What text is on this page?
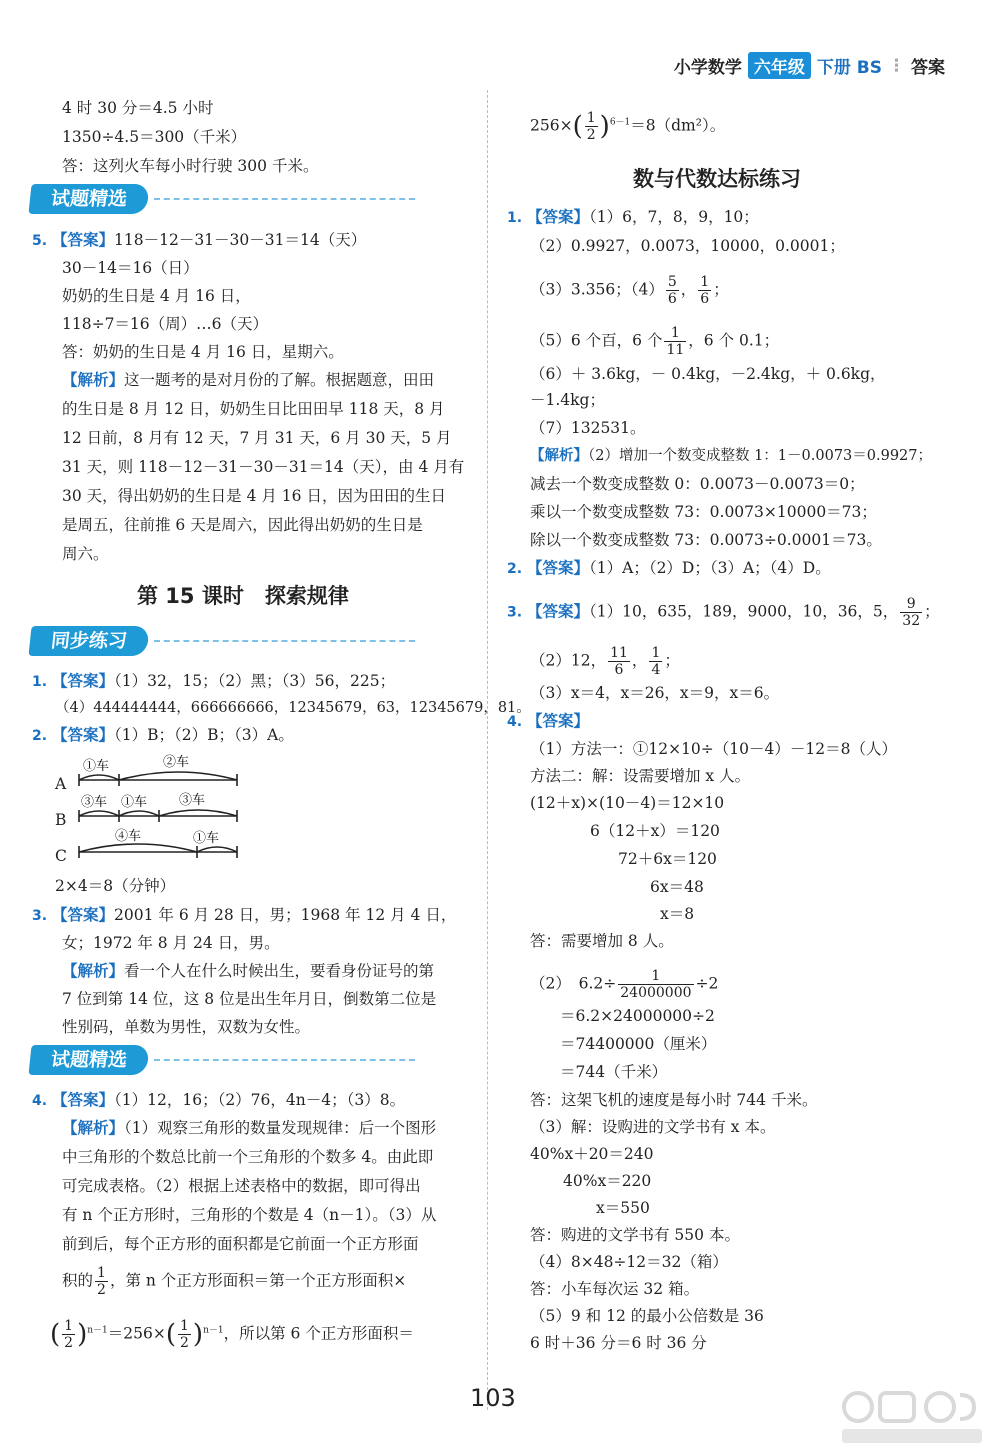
小学数学 六年级 下册 BS ⋮ 答案
4 时 30 分＝4.5 小时
1350÷4.5＝300（千米）
答：这列火车每小时行驶 300 千米。
试题精选
5. 【答案】118－12－31－30－31＝14（天）
30－14＝16（日）
奶奶的生日是 4 月 16 日，
118÷7＝16（周）…6（天）
答：奶奶的生日是 4 月 16 日，星期六。
【解析】这一题考的是对月份的了解。根据题意，田田
的生日是 8 月 12 日，奶奶生日比田田早 118 天，8 月
12 日前，8 月有 12 天，7 月 31 天，6 月 30 天，5 月
31 天，则 118－12－31－30－31＝14（天），由 4 月有
30 天，得出奶奶的生日是 4 月 16 日，因为田田的生日
是周五，往前推 6 天是周六，因此得出奶奶的生日是
周六。
第 15 课时　探索规律
同步练习
1. 【答案】（1）32，15；（2）黑；（3）56，225；
（4）444444444，666666666，12345679，63，12345679，81。
2. 【答案】（1）B；（2）B；（3）A。
A
B
C
①车	②车
③车 ①车 ③车
④车	①车
2×4＝8（分钟）
3. 【答案】2001 年 6 月 28 日，男；1968 年 12 月 4 日，
女；1972 年 8 月 24 日，男。
【解析】看一个人在什么时候出生，要看身份证号的第
7 位到第 14 位，这 8 位是出生年月日，倒数第二位是
性别码，单数为男性，双数为女性。
试题精选
4. 【答案】（1）12，16；（2）76，4n－4；（3）8。
【解析】（1）观察三角形的数量发现规律：后一个图形
中三角形的个数总比前一个三角形的个数多 4。由此即
可完成表格。（2）根据上述表格中的数据，即可得出
有 n 个正方形时，三角形的个数是 4（n－1）。（3）从
前到后，每个正方形的面积都是它前面一个正方形面
积的 $\frac{1}{2}$ ，第 n 个正方形面积＝第一个正方形面积×
( $\frac{1}{2} )^{n-1}=256\times( \frac{1}{2} )^{n-1}$，所以第 6 个正方形面积＝
$256\times( \frac{1}{2} )^{6-1}=8(dm^2)$。
数与代数达标练习
1. 【答案】（1）6，7，8，9，10；
（2）0.9927，0.0073，10000，0.0001；
（3）3.356；$(4) \frac{5}{6}$ ， $\frac{1}{6}$ ；
（5）6 个百，6 个 $\frac{1}{11}$ ，6 个 0.1；
（6）＋ 3.6kg，－ 0.4kg，－2.4kg，＋ 0.6kg，
－1.4kg；
（7）132531。
【解析】（2）增加一个数变成整数 1：1－0.0073＝0.9927；
减去一个数变成整数 0：0.0073－0.0073＝0；
乘以一个数变成整数 73：0.0073×10000＝73；
除以一个数变成整数 73：0.0073÷0.0001＝73。
2. 【答案】（1）A；（2）D；（3）A；（4）D。
3. 【答案】（1）10，635，189，9000，10，36，5， $\frac{9}{32}$ ；
（2）12， $\frac{11}{6}$ ， $\frac{1}{4}$ ；
（3）x＝4，x＝26，x＝9，x＝6。
4. 【答案】
（1）方法一：①12×10÷（10－4）－12＝8（人）
方法二：解：设需要增加 x 人。
(12＋x)×(10－4)＝12×10
6（12＋x）＝120
72＋6x＝120
6x＝48
x＝8
答：需要增加 8 人。
（2）　$6.2\div \frac{1}{24000000} \div 2$
＝6.2×24000000÷2
＝74400000（厘米）
＝744（千米）
答：这架飞机的速度是每小时 744 千米。
（3）解：设购进的文学书有 x 本。
40%x＋20＝240
40%x＝220
x＝550
答：购进的文学书有 550 本。
（4）8×48÷12＝32（箱）
答：小车每次运 32 箱。
（5）9 和 12 的最小公倍数是 36
6 时＋36 分＝6 时 36 分
103
